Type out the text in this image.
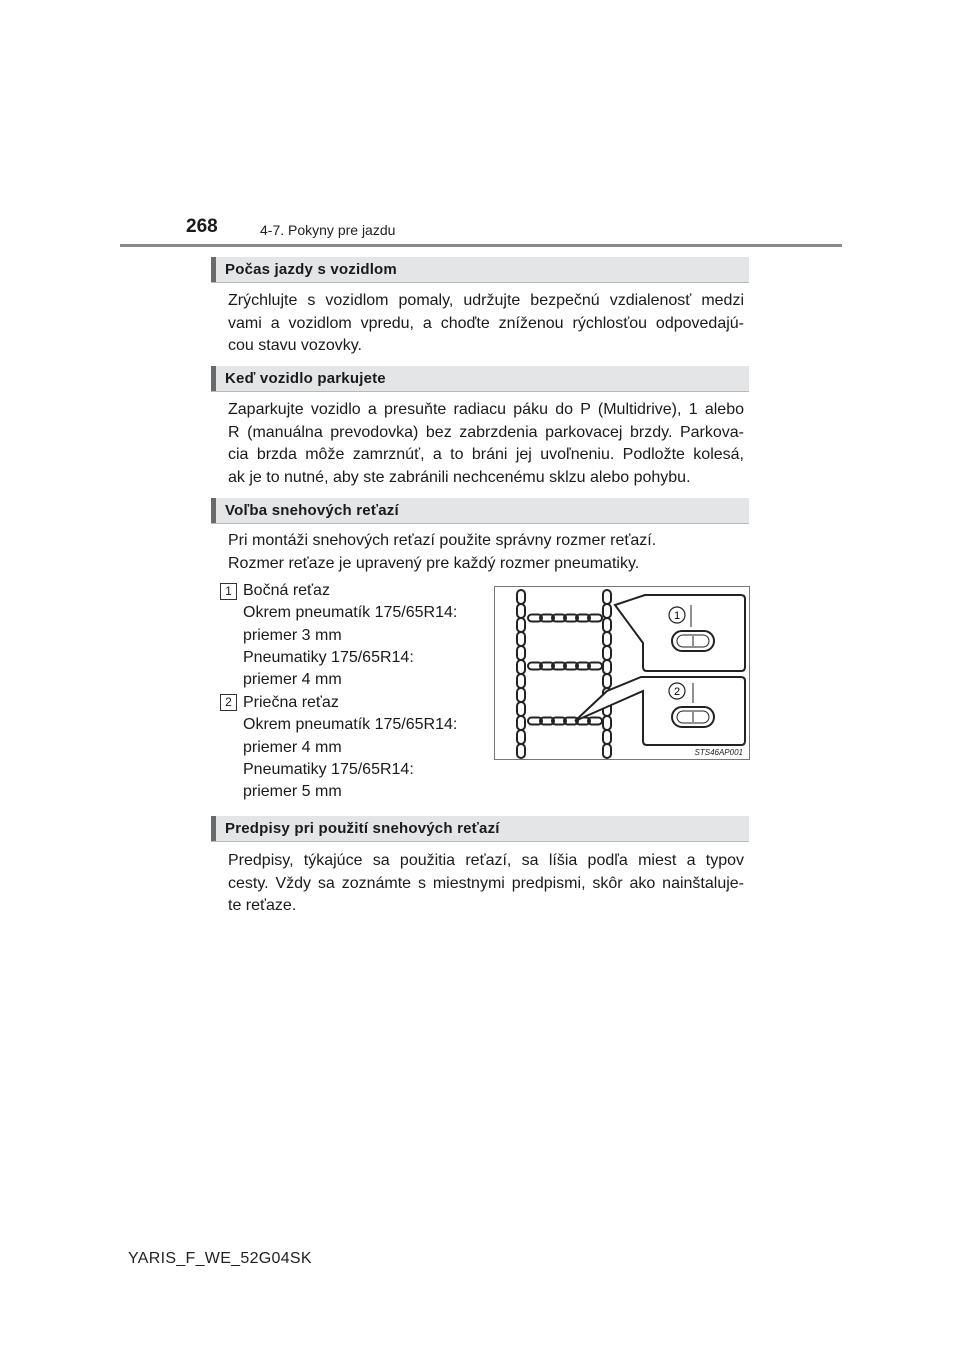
268	4-7. Pokyny pre jazdu
Počas jazdy s vozidlom
Zrýchlujte s vozidlom pomaly, udržujte bezpečnú vzdialenosť medzi
vami a vozidlom vpredu, a choďte zníženou rýchlosťou odpovedajú-
cou stavu vozovky.
Keď vozidlo parkujete
Zaparkujte vozidlo a presuňte radiacu páku do P (Multidrive), 1 alebo
R (manuálna prevodovka) bez zabrzdenia parkovacej brzdy. Parkova-
cia brzda môže zamrznúť, a to bráni jej uvoľneniu. Podložte kolesá,
ak je to nutné, aby ste zabránili nechcenému sklzu alebo pohybu.
Voľba snehových reťazí
Pri montáži snehových reťazí použite správny rozmer reťazí.
Rozmer reťaze je upravený pre každý rozmer pneumatiky.
1 Bočná reťaz
Okrem pneumatík 175/65R14:
priemer 3 mm
Pneumatiky 175/65R14:
priemer 4 mm
2 Priečna reťaz
Okrem pneumatík 175/65R14:
priemer 4 mm
Pneumatiky 175/65R14:
priemer 5 mm
1
2
STS46AP001
Predpisy pri použití snehových reťazí
Predpisy, týkajúce sa použitia reťazí, sa líšia podľa miest a typov
cesty. Vždy sa zoznámte s miestnymi predpismi, skôr ako nainštaluje-
te reťaze.
YARIS_F_WE_52G04SK
